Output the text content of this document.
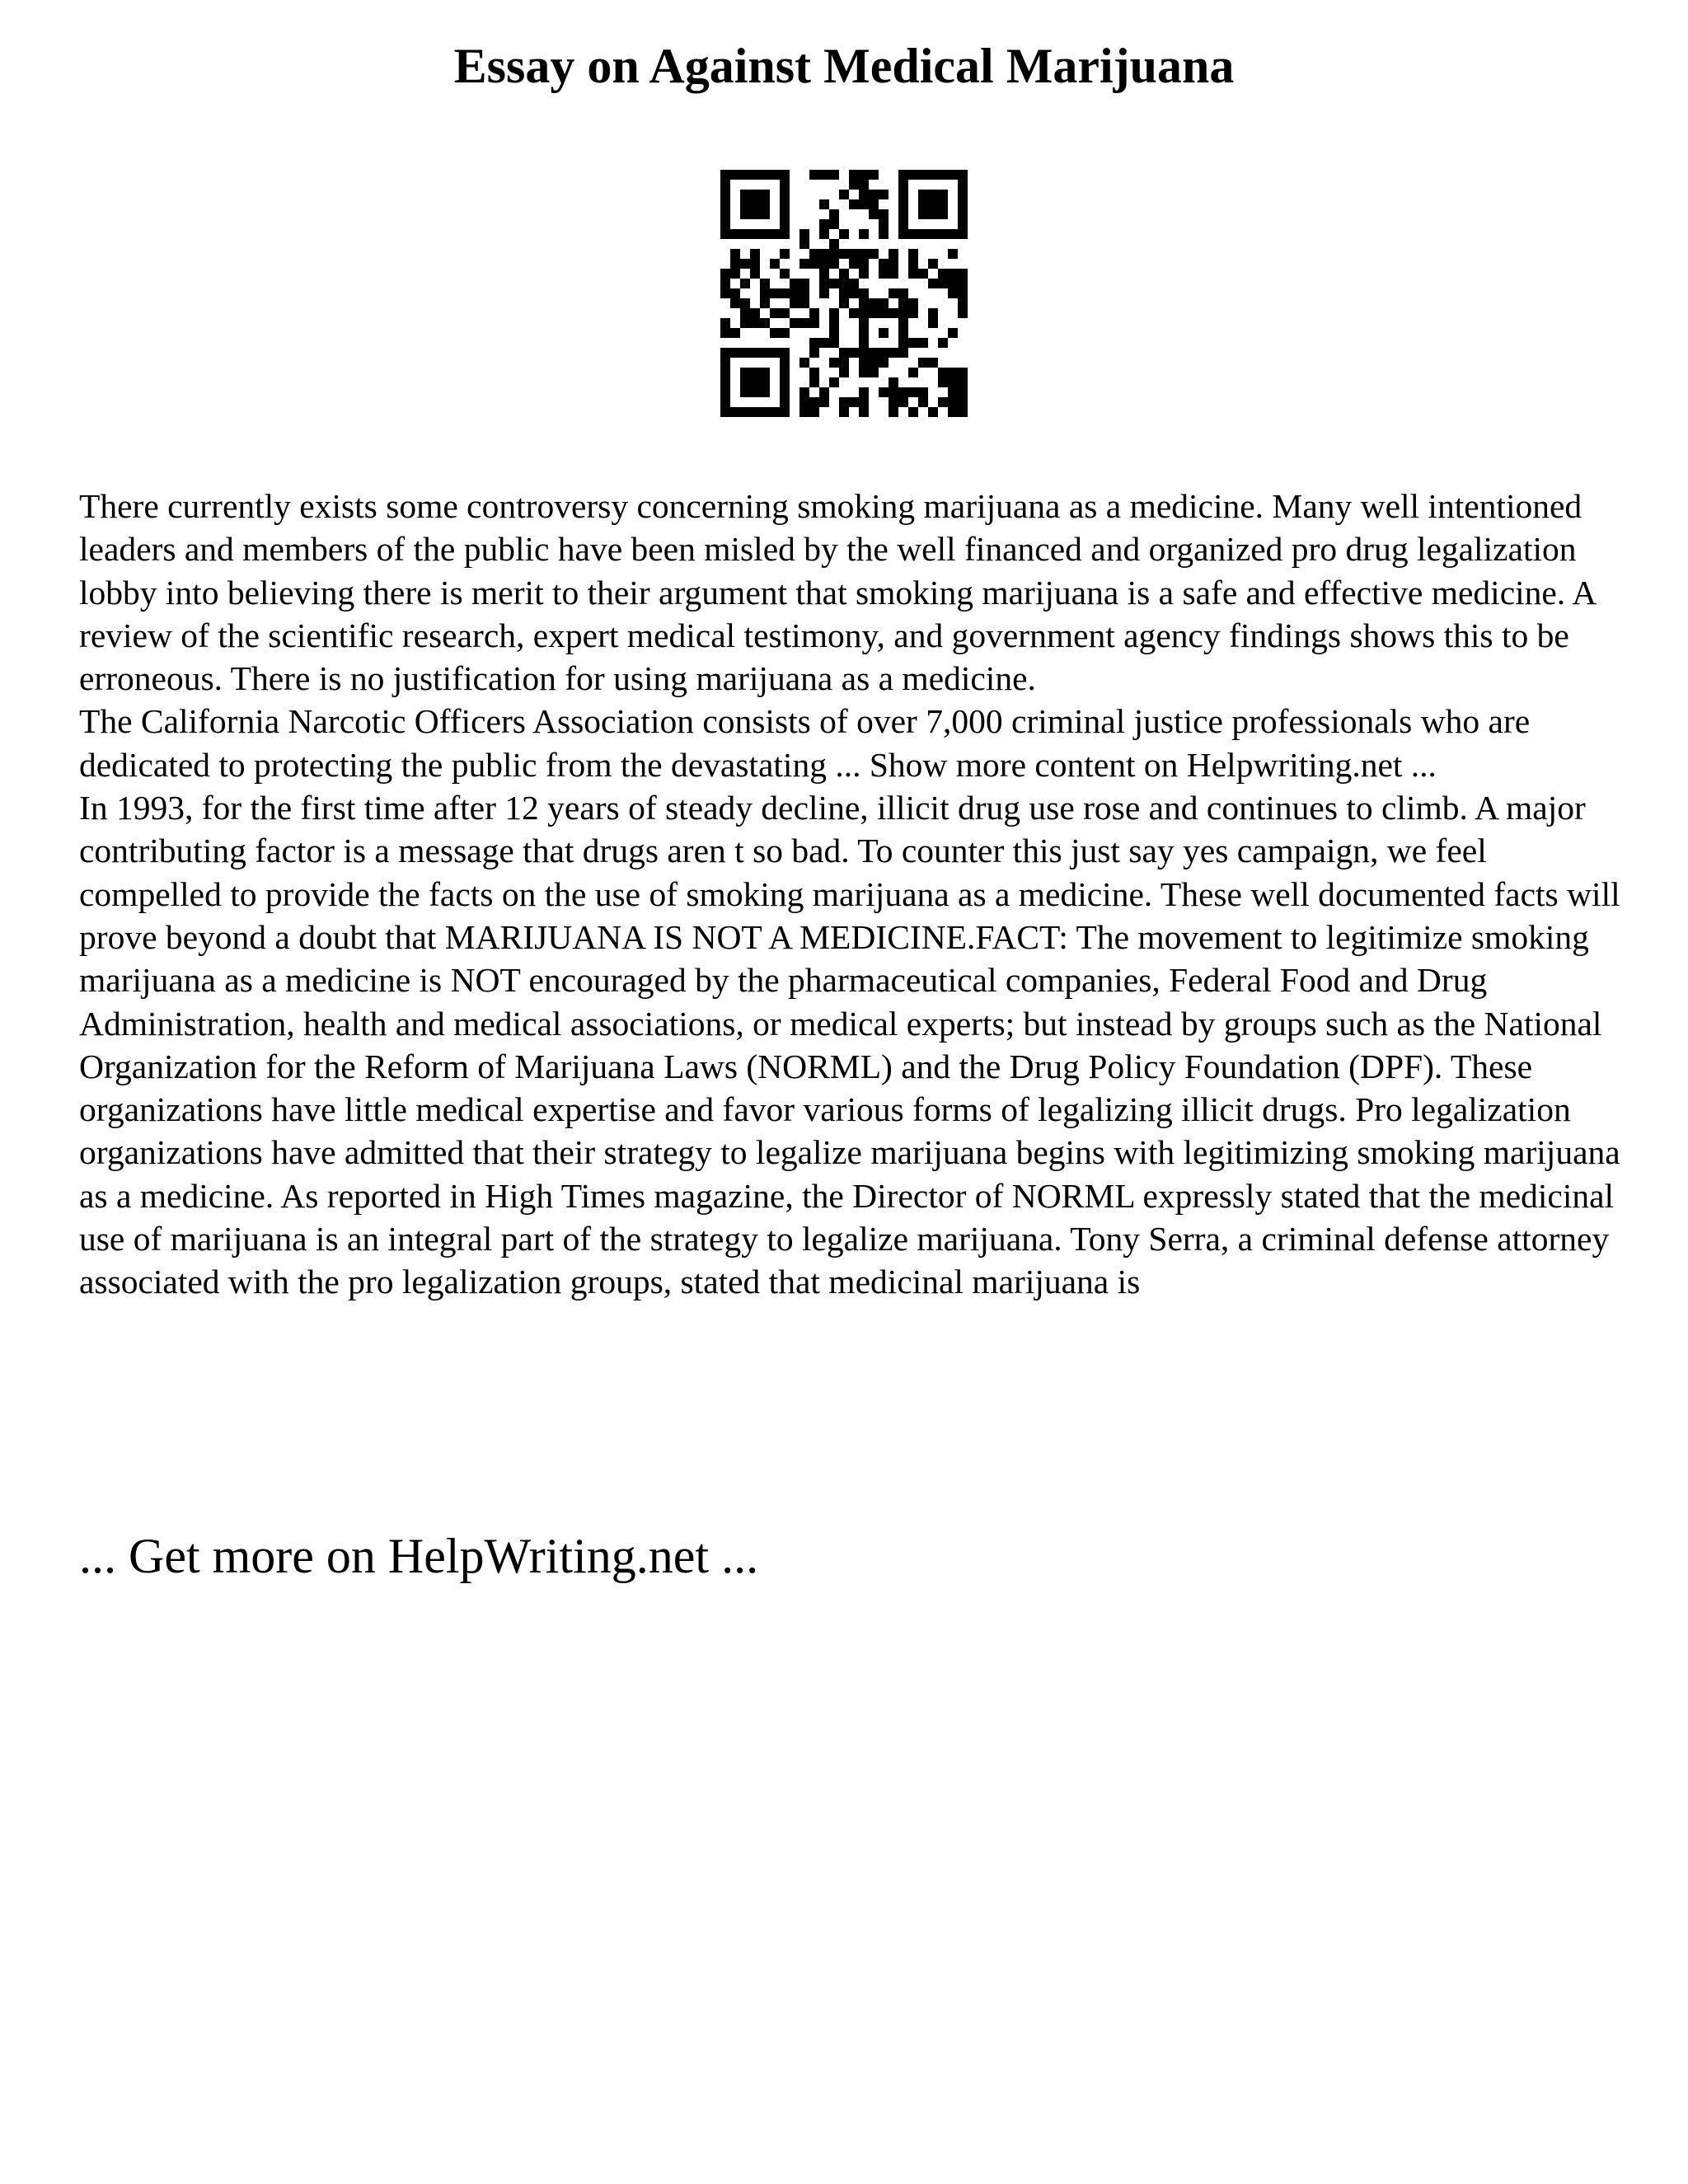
Essay on Against Medical Marijuana

There currently exists some controversy concerning smoking marijuana as a medicine. Many well intentioned leaders and members of the public have been misled by the well financed and organized pro drug legalization lobby into believing there is merit to their argument that smoking marijuana is a safe and effective medicine. A review of the scientific research, expert medical testimony, and government agency findings shows this to be erroneous. There is no justification for using marijuana as a medicine.

The California Narcotic Officers Association consists of over 7,000 criminal justice professionals who are dedicated to protecting the public from the devastating ... Show more content on Helpwriting.net ...

In 1993, for the first time after 12 years of steady decline, illicit drug use rose and continues to climb. A major contributing factor is a message that drugs aren t so bad. To counter this just say yes campaign, we feel compelled to provide the facts on the use of smoking marijuana as a medicine. These well documented facts will prove beyond a doubt that MARIJUANA IS NOT A MEDICINE.FACT: The movement to legitimize smoking marijuana as a medicine is NOT encouraged by the pharmaceutical companies, Federal Food and Drug Administration, health and medical associations, or medical experts; but instead by groups such as the National Organization for the Reform of Marijuana Laws (NORML) and the Drug Policy Foundation (DPF). These organizations have little medical expertise and favor various forms of legalizing illicit drugs. Pro legalization organizations have admitted that their strategy to legalize marijuana begins with legitimizing smoking marijuana as a medicine. As reported in High Times magazine, the Director of NORML expressly stated that the medicinal use of marijuana is an integral part of the strategy to legalize marijuana. Tony Serra, a criminal defense attorney associated with the pro legalization groups, stated that medicinal marijuana is

... Get more on HelpWriting.net ...
